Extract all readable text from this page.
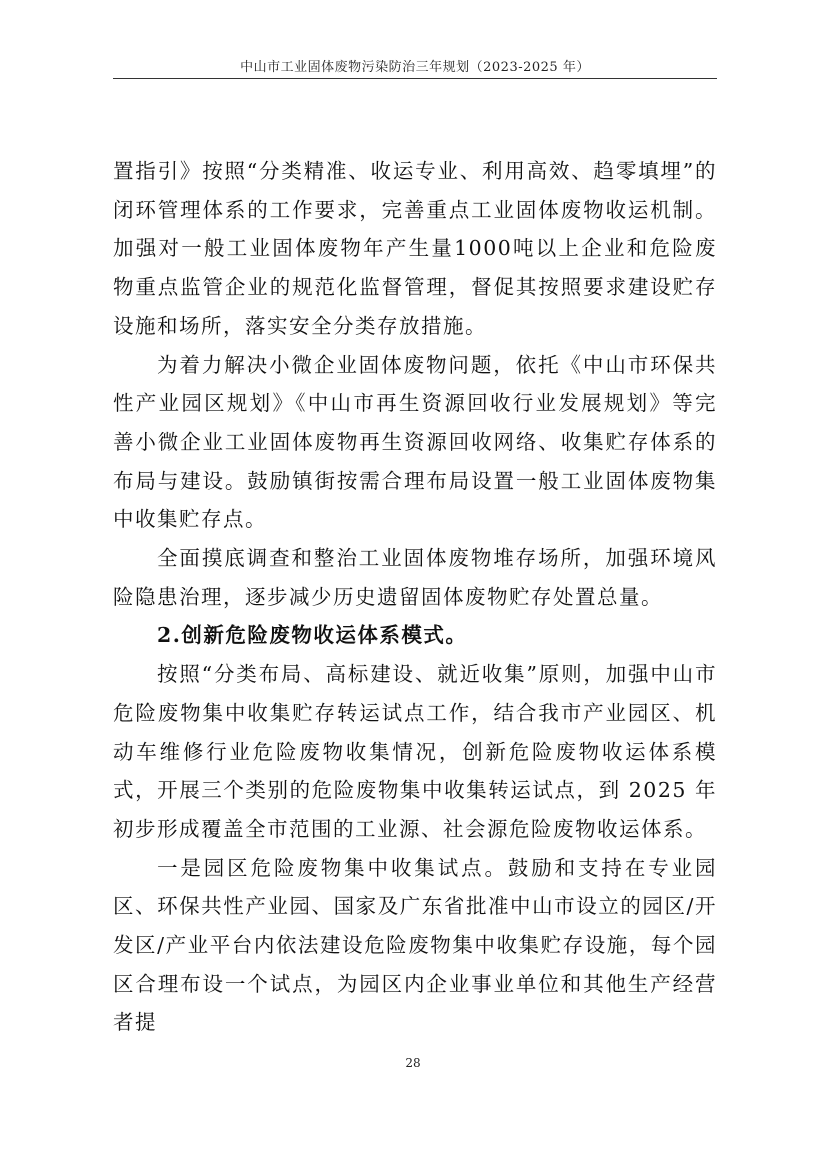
中山市工业固体废物污染防治三年规划（2023-2025 年）

置指引》按照“分类精准、收运专业、利用高效、趋零填埋”的闭环管理体系的工作要求，完善重点工业固体废物收运机制。加强对一般工业固体废物年产生量1000吨以上企业和危险废物重点监管企业的规范化监督管理，督促其按照要求建设贮存设施和场所，落实安全分类存放措施。

为着力解决小微企业固体废物问题，依托《中山市环保共性产业园区规划》《中山市再生资源回收行业发展规划》等完善小微企业工业固体废物再生资源回收网络、收集贮存体系的布局与建设。鼓励镇街按需合理布局设置一般工业固体废物集中收集贮存点。

全面摸底调查和整治工业固体废物堆存场所，加强环境风险隐患治理，逐步减少历史遗留固体废物贮存处置总量。

2.创新危险废物收运体系模式。

按照“分类布局、高标建设、就近收集”原则，加强中山市危险废物集中收集贮存转运试点工作，结合我市产业园区、机动车维修行业危险废物收集情况，创新危险废物收运体系模式，开展三个类别的危险废物集中收集转运试点，到 2025 年初步形成覆盖全市范围的工业源、社会源危险废物收运体系。

一是园区危险废物集中收集试点。鼓励和支持在专业园区、环保共性产业园、国家及广东省批准中山市设立的园区/开发区/产业平台内依法建设危险废物集中收集贮存设施，每个园区合理布设一个试点，为园区内企业事业单位和其他生产经营者提

28
